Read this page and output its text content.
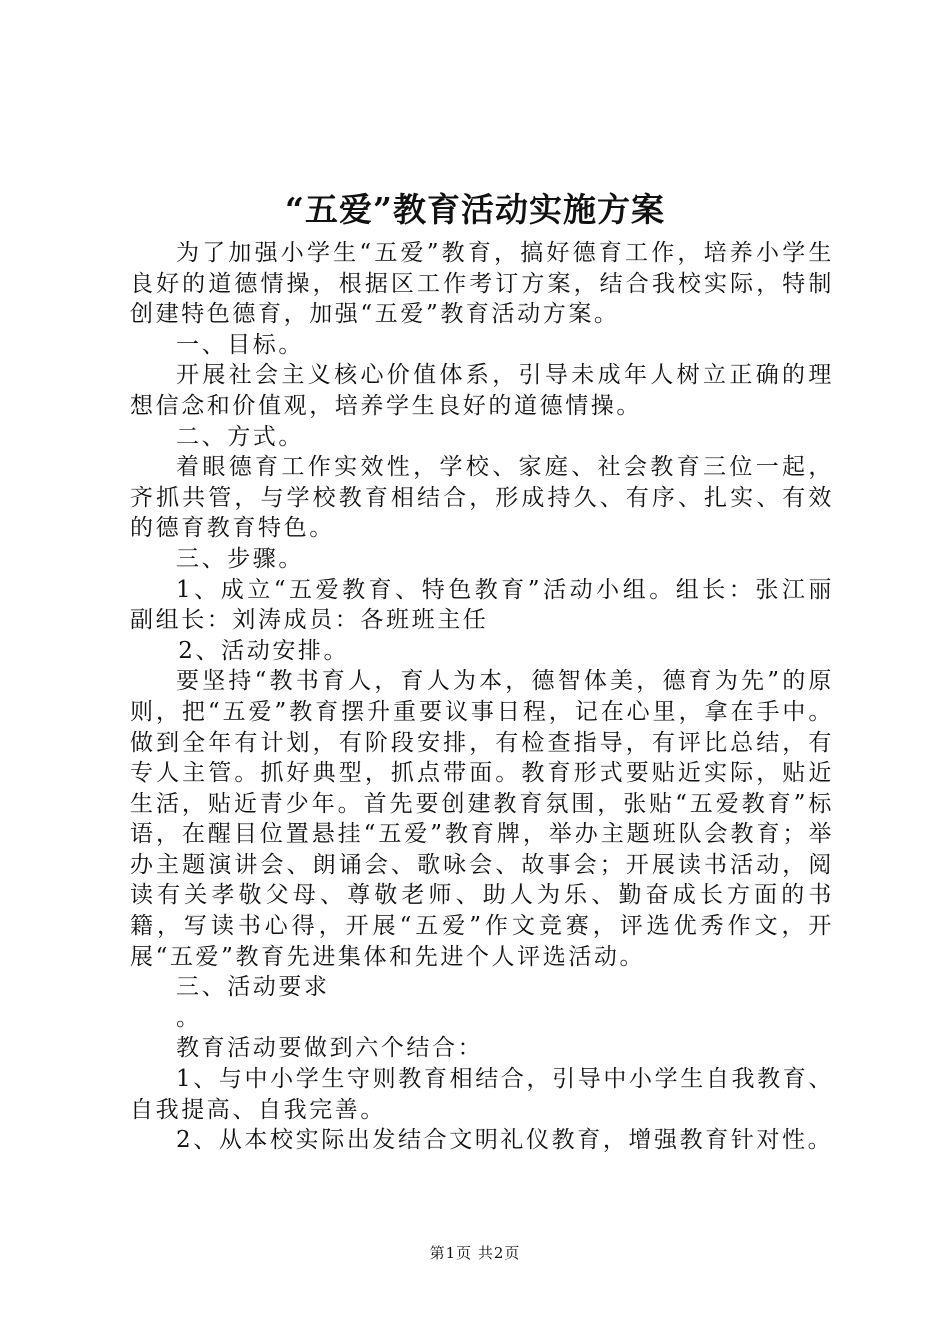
“五爱”教育活动实施方案

为了加强小学生“五爱”教育，搞好德育工作，培养小学生良好的道德情操，根据区工作考订方案，结合我校实际，特制创建特色德育，加强“五爱”教育活动方案。

一、目标。

开展社会主义核心价值体系，引导未成年人树立正确的理想信念和价值观，培养学生良好的道德情操。

二、方式。

着眼德育工作实效性，学校、家庭、社会教育三位一起，齐抓共管，与学校教育相结合，形成持久、有序、扎实、有效的德育教育特色。

三、步骤。

1、成立“五爱教育、特色教育”活动小组。组长：张江丽副组长：刘涛成员：各班班主任

2、活动安排。

要坚持“教书育人，育人为本，德智体美，德育为先”的原则，把“五爱”教育摆升重要议事日程，记在心里，拿在手中。做到全年有计划，有阶段安排，有检查指导，有评比总结，有专人主管。抓好典型，抓点带面。教育形式要贴近实际，贴近生活，贴近青少年。首先要创建教育氛围，张贴“五爱教育”标语，在醒目位置悬挂“五爱”教育牌，举办主题班队会教育；举办主题演讲会、朗诵会、歌咏会、故事会；开展读书活动，阅读有关孝敬父母、尊敬老师、助人为乐、勤奋成长方面的书籍，写读书心得，开展“五爱”作文竞赛，评选优秀作文，开展“五爱”教育先进集体和先进个人评选活动。

三、活动要求

。

教育活动要做到六个结合：

1、与中小学生守则教育相结合，引导中小学生自我教育、自我提高、自我完善。

2、从本校实际出发结合文明礼仪教育，增强教育针对性。

第1页 共2页
